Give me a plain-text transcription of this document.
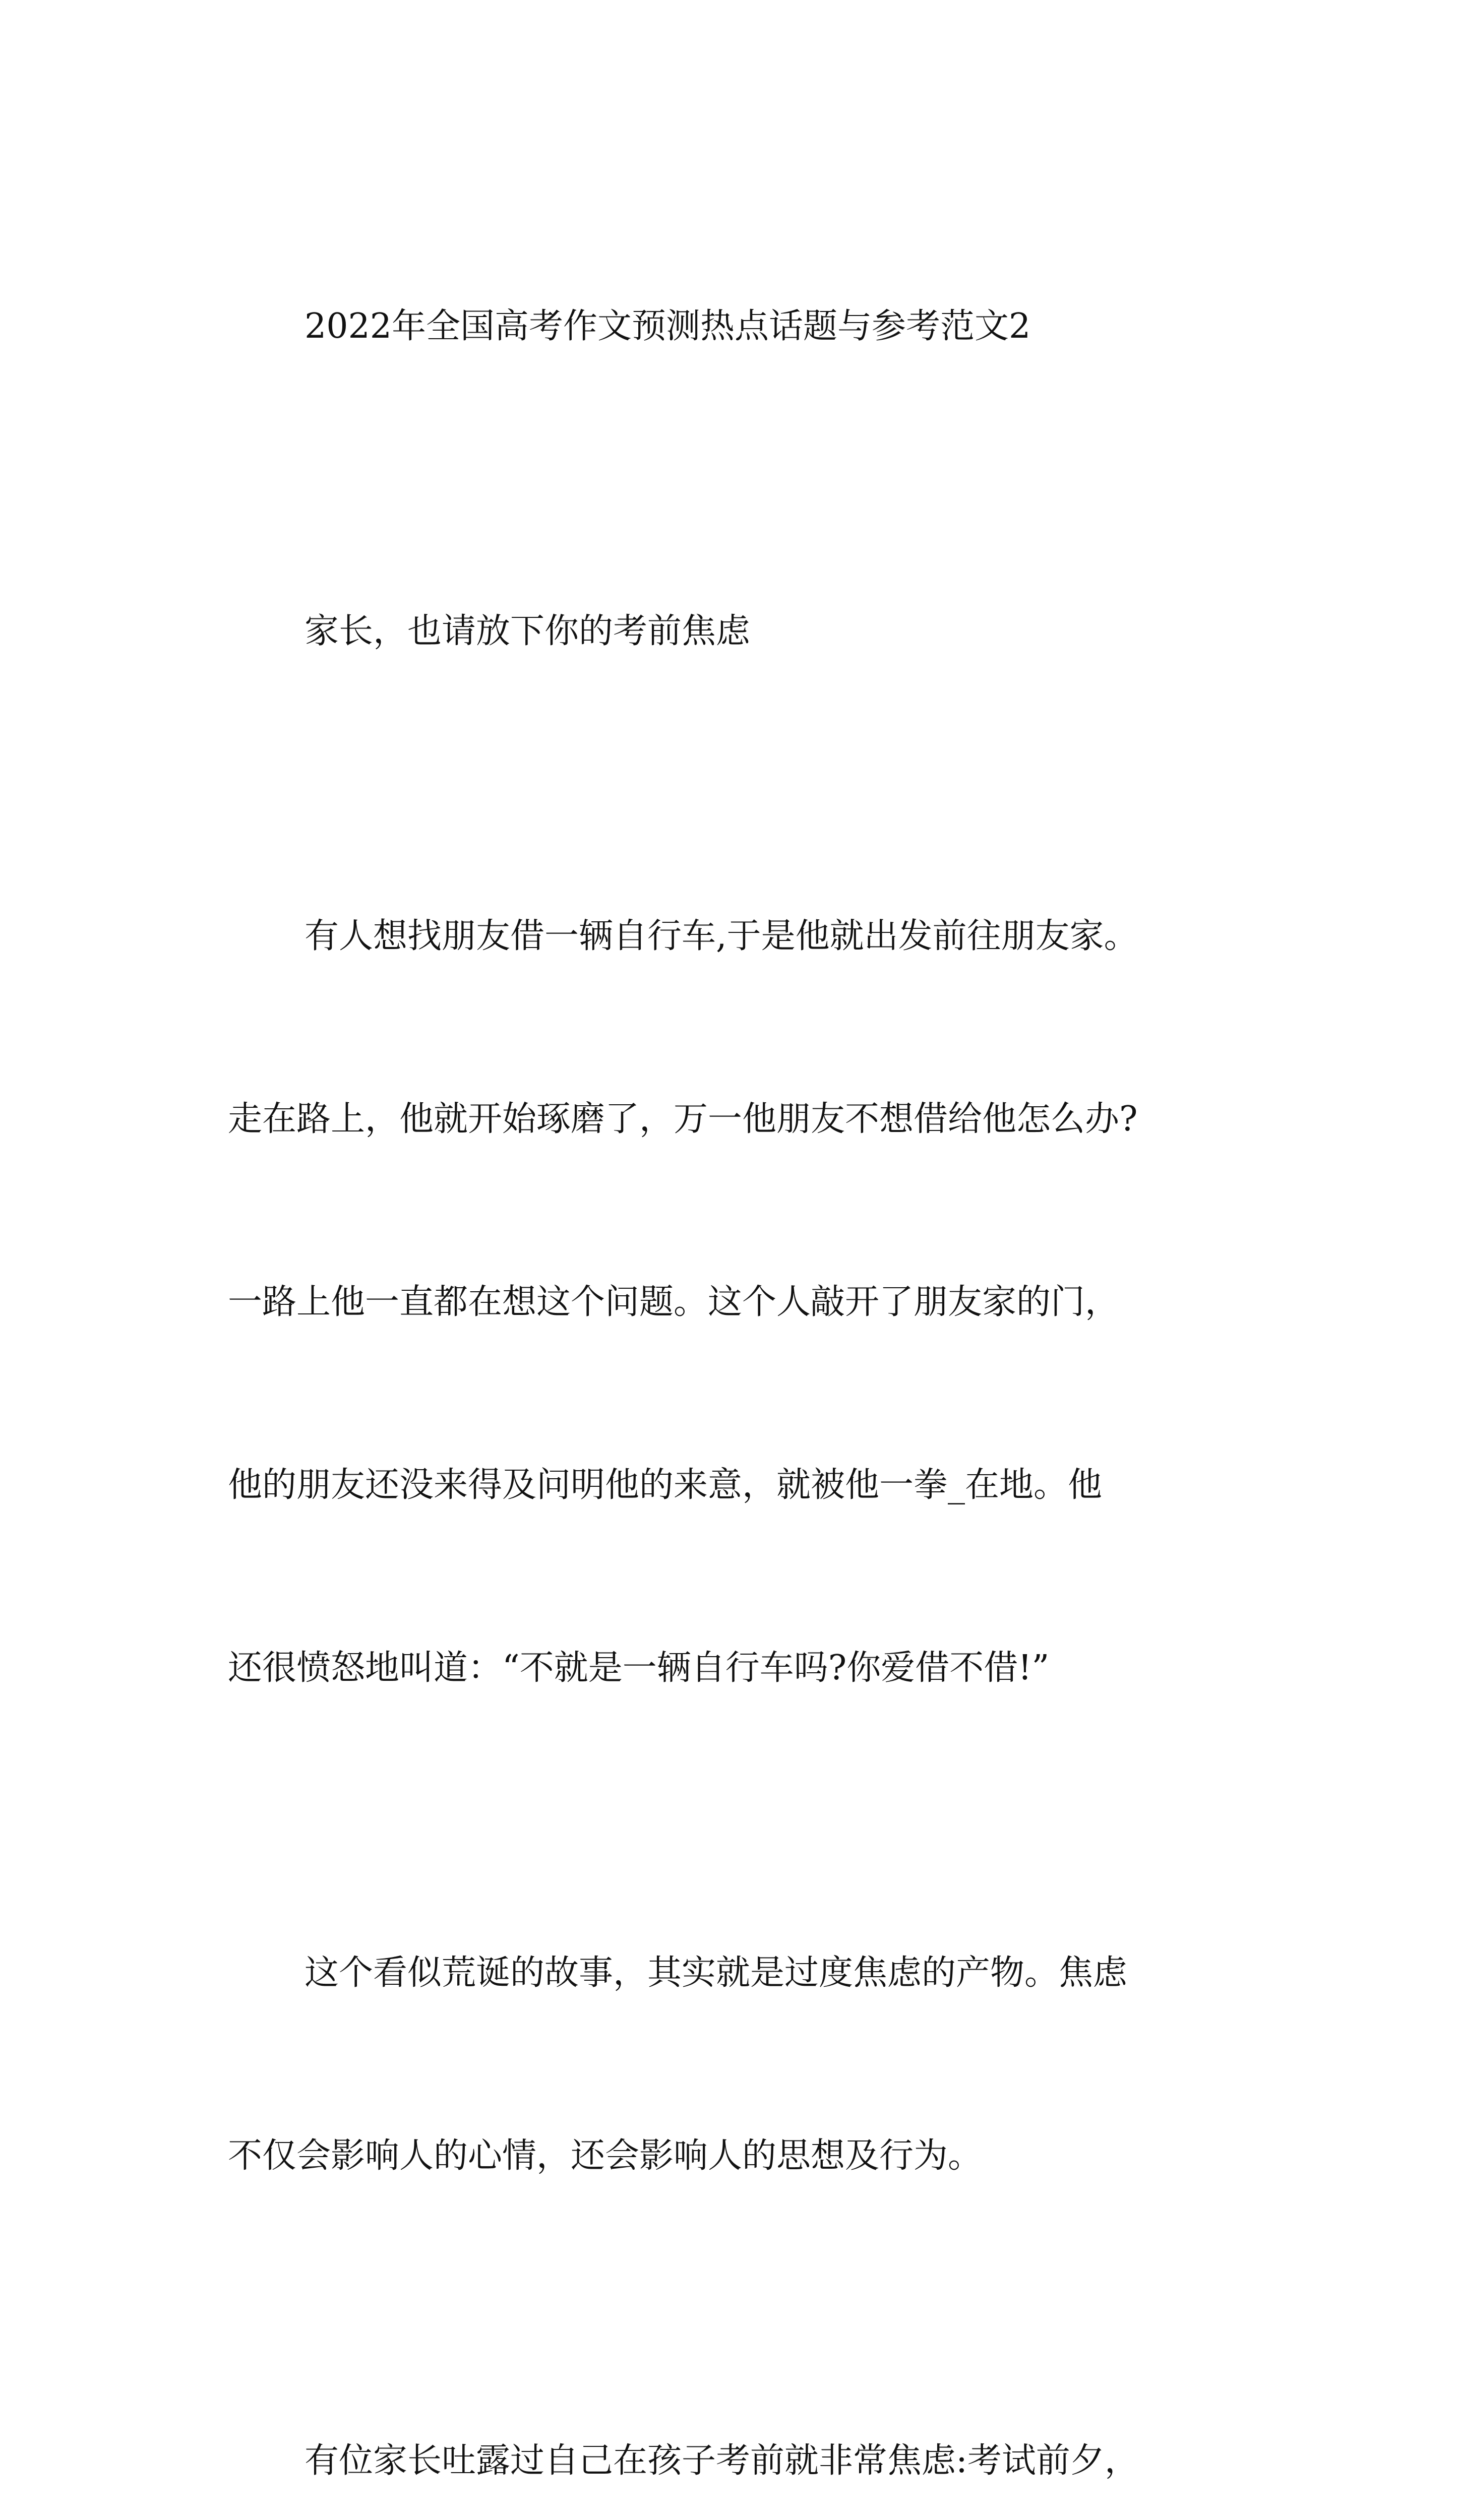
2022年全国高考作文预测热点话题与参考范文2

家长，也请放下你的考前焦虑

有人想找朋友借一辆自行车,于是他就出发前往朋友家。

走在路上，他就开始琢磨了，万一他朋友不想借给他怎么办?

一路上他一直都在想这个问题。这个人敲开了朋友家的门，

他的朋友还没来得及问明他的来意，就被他一拳_在地。他

还很愤怒地叫道：“不就是一辆自行车吗?你爱借不借!”

这个看似荒诞的故事，其实就是过度焦虑的产物。焦虑

不仅会影响人的心情，还会影响人的思想及行为。

有位家长吐露过自己在孩子考前就非常焦虑:考试前夕，
